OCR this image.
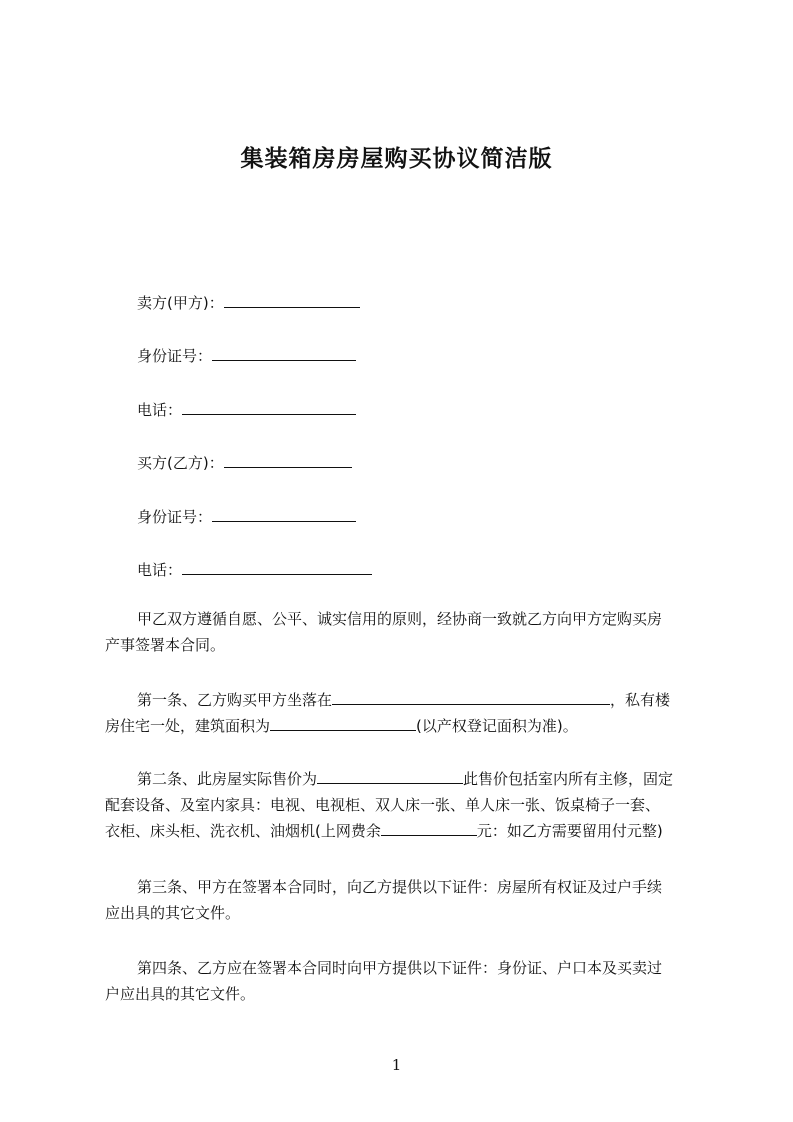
集装箱房房屋购买协议简洁版
卖方(甲方)：
身份证号：
电话：
买方(乙方)：
身份证号：
电话：
甲乙双方遵循自愿、公平、诚实信用的原则，经协商一致就乙方向甲方定购买房
产事签署本合同。
第一条、乙方购买甲方坐落在	，私有楼
房住宅一处，建筑面积为	(以产权登记面积为准)。
第二条、此房屋实际售价为	此售价包括室内所有主修，固定
配套设备、及室内家具：电视、电视柜、双人床一张、单人床一张、饭桌椅子一套、
衣柜、床头柜、洗衣机、油烟机(上网费余	元：如乙方需要留用付元整)
第三条、甲方在签署本合同时，向乙方提供以下证件：房屋所有权证及过户手续
应出具的其它文件。
第四条、乙方应在签署本合同时向甲方提供以下证件：身份证、户口本及买卖过
户应出具的其它文件。
1
